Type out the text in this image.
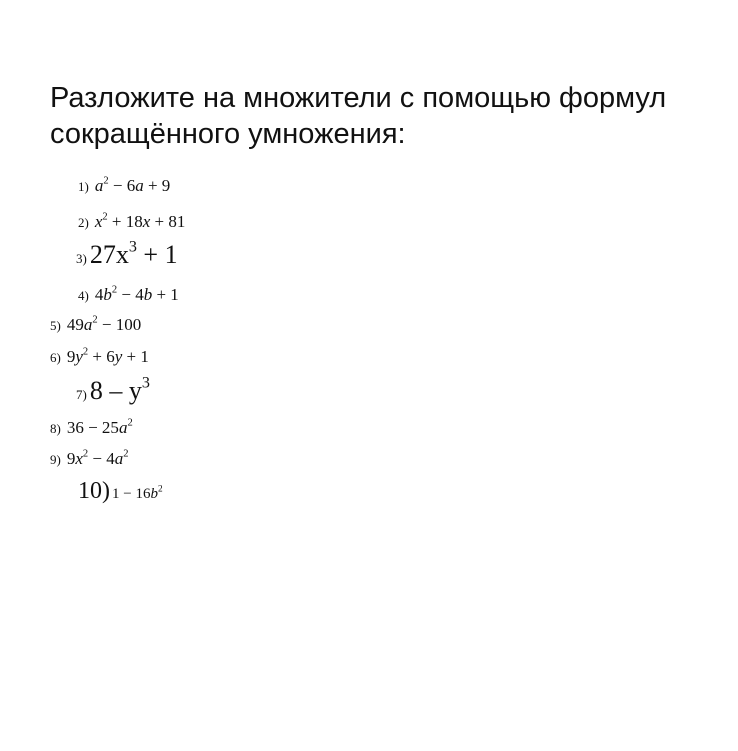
Разложите на множители с помощью формул
сокращённого умножения:
1) $a^2 - 6a + 9$
2) $x^2 + 18x + 81$
3) $27x^3 + 1$
4) $4b^2 - 4b + 1$
5) $49a^2 - 100$
6) $9y^2 + 6y + 1$
7) $8 - y^3$
8) $36 - 25a^2$
9) $9x^2 - 4a^2$
10) $1 - 16b^2$
